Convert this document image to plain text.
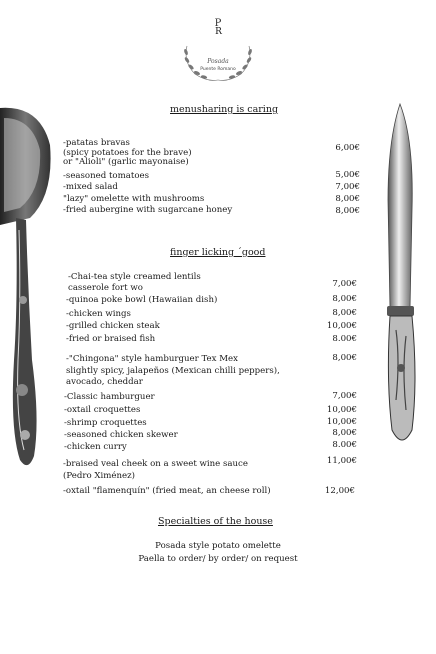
P
R
Posada
Puente Romano
menusharing is caring
-patatas bravas
(spicy potatoes for the brave)
or "Alioli" (garlic mayonaise)
6,00€
-seasoned tomatoes	5,00€
-mixed salad	7,00€
"lazy" omelette with mushrooms	8,00€
-fried aubergine with sugarcane honey	8,00€
finger licking ´good
-Chai-tea style creamed lentils
casserole fort wo	7,00€
-quinoa poke bowl (Hawaiian dish)	8,00€
-chicken wings	8,00€
-grilled chicken steak	10,00€
-fried or braised fish	8.00€
-"Chingona" style hamburguer Tex Mex
slightly spicy, jalapeños (Mexican chilli peppers),
avocado, cheddar
8,00€
-Classic hamburguer	7,00€
-oxtail croquettes	10,00€
-shrimp croquettes	10,00€
-seasoned chicken skewer	8,00€
-chicken curry	8.00€
-braised veal cheek on a sweet wine sauce
(Pedro Ximénez)
11,00€
-oxtail "flamenquín" (fried meat, an cheese roll)	12,00€
Specialties of the house
Posada style potato omelette
Paella to order/ by order/ on request
